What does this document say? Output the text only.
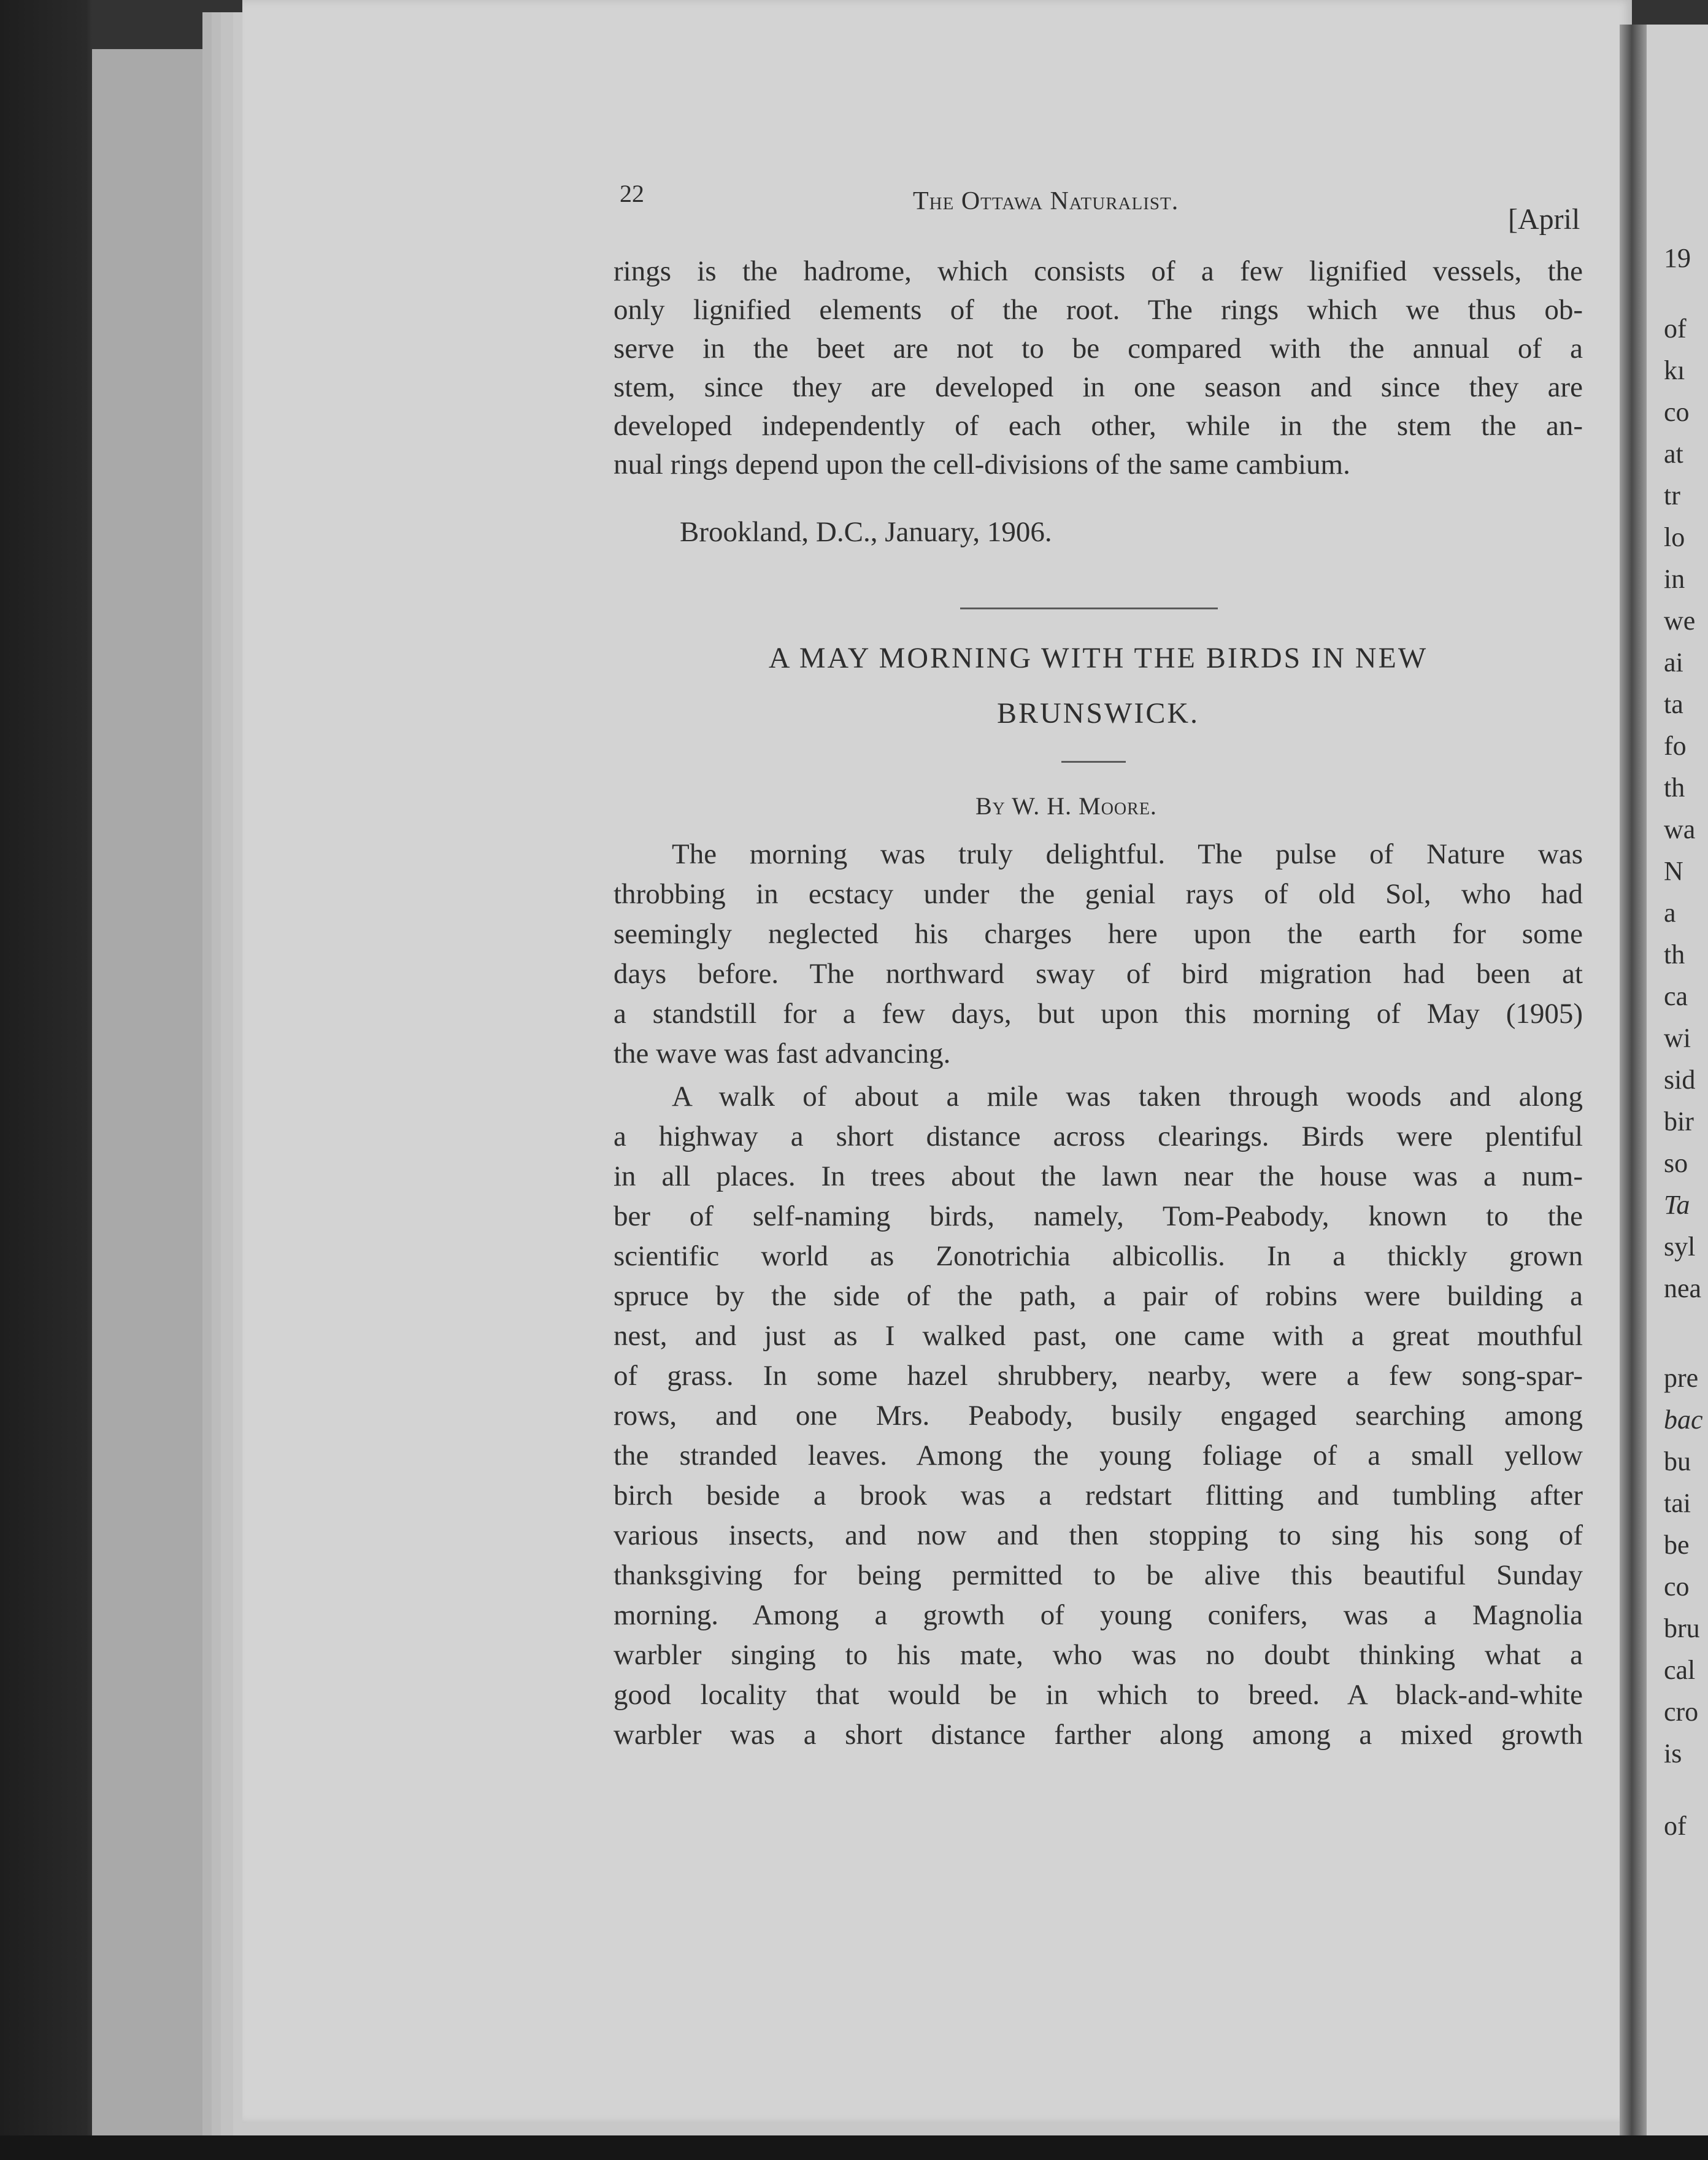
22	The Ottawa Naturalist.
[April
rings is the hadrome, which consists of a few lignified vessels, the
only lignified elements of the root. The rings which we thus ob-
serve in the beet are not to be compared with the annual of a
stem, since they are developed in one season and since they are
developed independently of each other, while in the stem the an-
nual rings depend upon the cell-divisions of the same cambium.
Brookland, D.C., January, 1906.
A MAY MORNING WITH THE BIRDS IN NEW
BRUNSWICK.
By W. H. Moore.
The morning was truly delightful. The pulse of Nature was
throbbing in ecstacy under the genial rays of old Sol, who had
seemingly neglected his charges here upon the earth for some
days before. The northward sway of bird migration had been at
a standstill for a few days, but upon this morning of May (1905)
the wave was fast advancing.
A walk of about a mile was taken through woods and along
a highway a short distance across clearings. Birds were plentiful
in all places. In trees about the lawn near the house was a num-
ber of self-naming birds, namely, Tom-Peabody, known to the
scientific world as Zonotrichia albicollis. In a thickly grown
spruce by the side of the path, a pair of robins were building a
nest, and just as I walked past, one came with a great mouthful
of grass. In some hazel shrubbery, nearby, were a few song-spar-
rows, and one Mrs. Peabody, busily engaged searching among
the stranded leaves. Among the young foliage of a small yellow
birch beside a brook was a redstart flitting and tumbling after
various insects, and now and then stopping to sing his song of
thanksgiving for being permitted to be alive this beautiful Sunday
morning. Among a growth of young conifers, was a Magnolia
warbler singing to his mate, who was no doubt thinking what a
good locality that would be in which to breed. A black-and-white
warbler was a short distance farther along among a mixed growth
19
of
kı
co
at
tr
lo
in
we
ai
ta
fo
th
wa
N
a
th
ca
wi
sid
bir
so
Ta
syl
nea
pre
bac
bu
tai
be
co
bru
cal
cro
is
of
